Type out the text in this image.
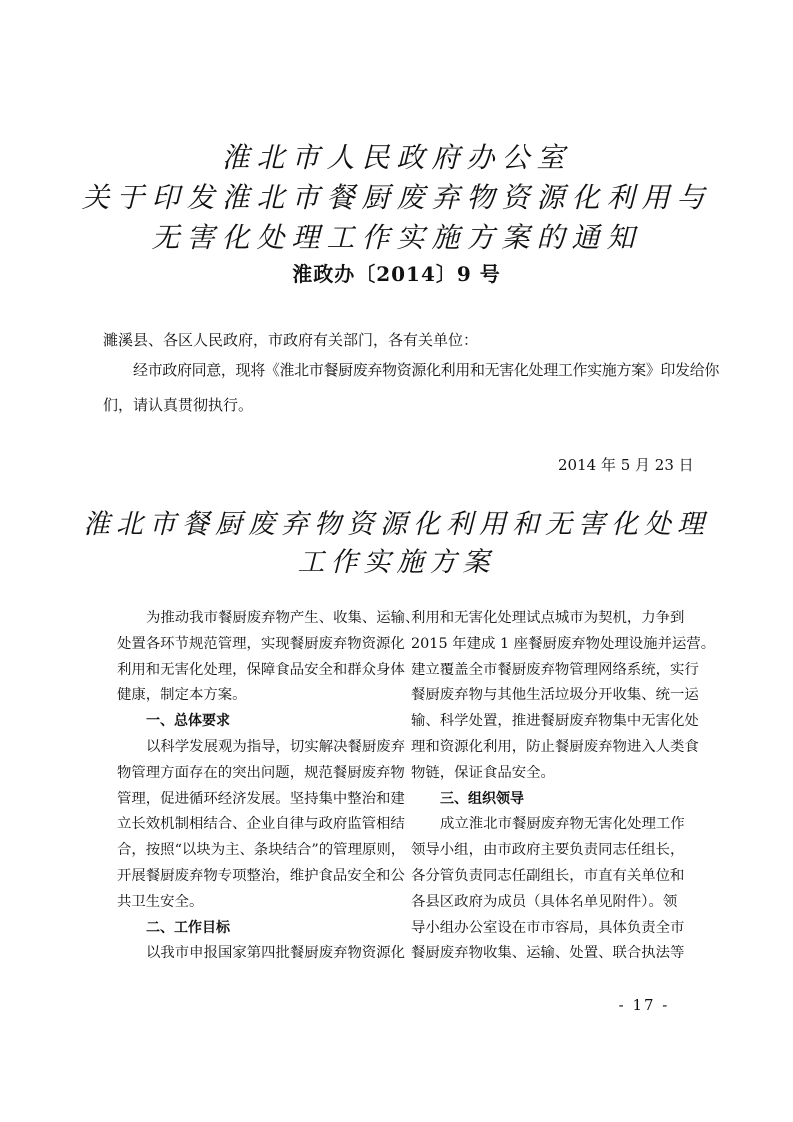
淮北市人民政府办公室
关于印发淮北市餐厨废弃物资源化利用与
无害化处理工作实施方案的通知
淮政办〔2014〕9 号
濉溪县、各区人民政府，市政府有关部门，各有关单位：
经市政府同意，现将《淮北市餐厨废弃物资源化利用和无害化处理工作实施方案》印发给你
们，请认真贯彻执行。
2014 年 5 月 23 日
淮北市餐厨废弃物资源化利用和无害化处理
工作实施方案
为推动我市餐厨废弃物产生、收集、运输、
处置各环节规范管理，实现餐厨废弃物资源化
利用和无害化处理，保障食品安全和群众身体
健康，制定本方案。
一、总体要求
以科学发展观为指导，切实解决餐厨废弃
物管理方面存在的突出问题，规范餐厨废弃物
管理，促进循环经济发展。坚持集中整治和建
立长效机制相结合、企业自律与政府监管相结
合，按照“以块为主、条块结合”的管理原则，
开展餐厨废弃物专项整治，维护食品安全和公
共卫生安全。
二、工作目标
以我市申报国家第四批餐厨废弃物资源化
利用和无害化处理试点城市为契机，力争到
2015 年建成 1 座餐厨废弃物处理设施并运营。
建立覆盖全市餐厨废弃物管理网络系统，实行
餐厨废弃物与其他生活垃圾分开收集、统一运
输、科学处置，推进餐厨废弃物集中无害化处
理和资源化利用，防止餐厨废弃物进入人类食
物链，保证食品安全。
三、组织领导
成立淮北市餐厨废弃物无害化处理工作
领导小组，由市政府主要负责同志任组长，
各分管负责同志任副组长，市直有关单位和
各县区政府为成员（具体名单见附件）。领
导小组办公室设在市市容局，具体负责全市
餐厨废弃物收集、运输、处置、联合执法等
- 17 -
